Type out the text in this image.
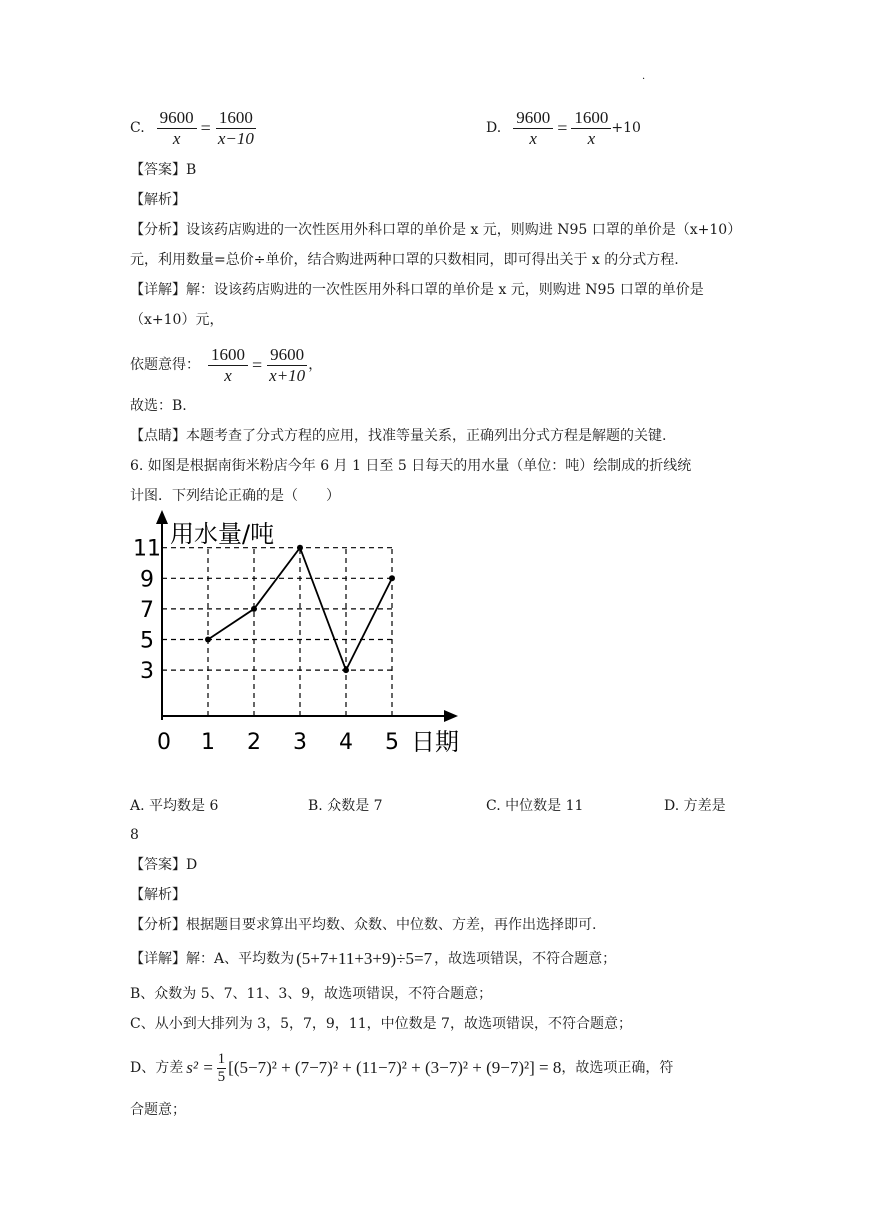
·
C. $\frac{9600}{x} = \frac{1600}{x-10}$	D. $\frac{9600}{x} = \frac{1600}{x} +10$
【答案】B
【解析】
【分析】设该药店购进的一次性医用外科口罩的单价是 x 元，则购进 N95 口罩的单价是（x+10）
元，利用数量=总价÷单价，结合购进两种口罩的只数相同，即可得出关于 x 的分式方程.
【详解】解：设该药店购进的一次性医用外科口罩的单价是 x 元，则购进 N95 口罩的单价是
（x+10）元，
依题意得： $\frac{1600}{x} = \frac{9600}{x+10}$ ，
故选：B.
【点睛】本题考查了分式方程的应用，找准等量关系，正确列出分式方程是解题的关键.
6. 如图是根据南街米粉店今年 6 月 1 日至 5 日每天的用水量（单位：吨）绘制成的折线统
计图．下列结论正确的是（　　）
3
5
7
9
11
1 2 3 4 5
用水量/吨
日期
0
A. 平均数是 6	B. 众数是 7	C. 中位数是 11	D. 方差是
8
【答案】D
【解析】
【分析】根据题目要求算出平均数、众数、中位数、方差，再作出选择即可.
【详解】解：A、平均数为 (5+7+11+3+9)÷5=7 ，故选项错误，不符合题意；
B、众数为 5、7、11、3、9，故选项错误，不符合题意；
C、从小到大排列为 3，5，7，9，11，中位数是 7，故选项错误，不符合题意；
D、方差 $s^2 = \frac{1}{5} [(5-7)^2 + (7-7)^2 + (11-7)^2 + (3-7)^2 + (9-7)^2] = 8$ ，故选项正确，符
合题意；
